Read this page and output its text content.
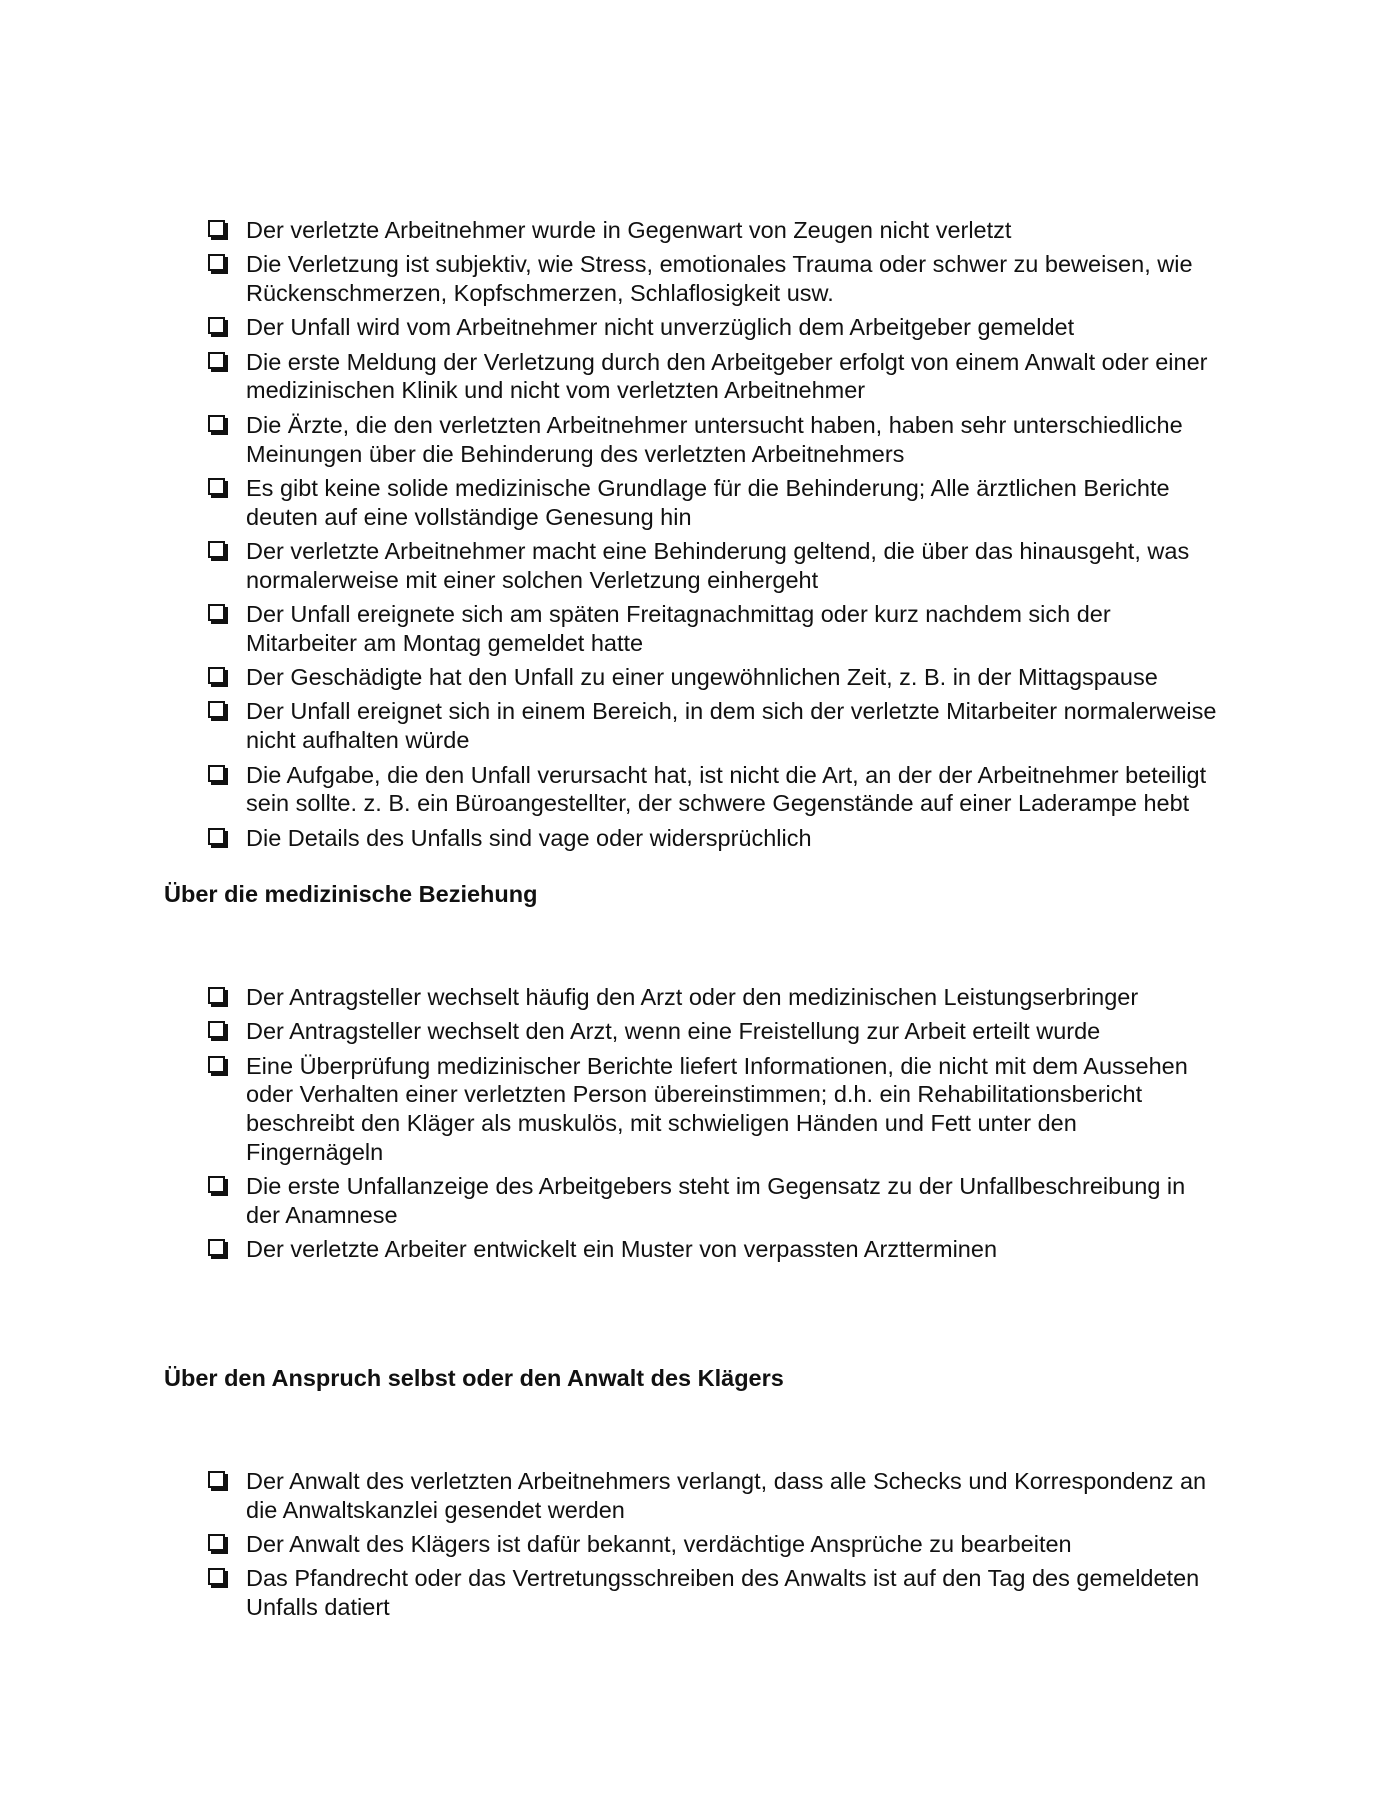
Der verletzte Arbeitnehmer wurde in Gegenwart von Zeugen nicht verletzt
Die Verletzung ist subjektiv, wie Stress, emotionales Trauma oder schwer zu beweisen, wie Rückenschmerzen, Kopfschmerzen, Schlaflosigkeit usw.
Der Unfall wird vom Arbeitnehmer nicht unverzüglich dem Arbeitgeber gemeldet
Die erste Meldung der Verletzung durch den Arbeitgeber erfolgt von einem Anwalt oder einer medizinischen Klinik und nicht vom verletzten Arbeitnehmer
Die Ärzte, die den verletzten Arbeitnehmer untersucht haben, haben sehr unterschiedliche Meinungen über die Behinderung des verletzten Arbeitnehmers
Es gibt keine solide medizinische Grundlage für die Behinderung; Alle ärztlichen Berichte deuten auf eine vollständige Genesung hin
Der verletzte Arbeitnehmer macht eine Behinderung geltend, die über das hinausgeht, was normalerweise mit einer solchen Verletzung einhergeht
Der Unfall ereignete sich am späten Freitagnachmittag oder kurz nachdem sich der Mitarbeiter am Montag gemeldet hatte
Der Geschädigte hat den Unfall zu einer ungewöhnlichen Zeit, z. B. in der Mittagspause
Der Unfall ereignet sich in einem Bereich, in dem sich der verletzte Mitarbeiter normalerweise nicht aufhalten würde
Die Aufgabe, die den Unfall verursacht hat, ist nicht die Art, an der der Arbeitnehmer beteiligt sein sollte. z. B. ein Büroangestellter, der schwere Gegenstände auf einer Laderampe hebt
Die Details des Unfalls sind vage oder widersprüchlich
Über die medizinische Beziehung
Der Antragsteller wechselt häufig den Arzt oder den medizinischen Leistungserbringer
Der Antragsteller wechselt den Arzt, wenn eine Freistellung zur Arbeit erteilt wurde
Eine Überprüfung medizinischer Berichte liefert Informationen, die nicht mit dem Aussehen oder Verhalten einer verletzten Person übereinstimmen; d.h. ein Rehabilitationsbericht beschreibt den Kläger als muskulös, mit schwieligen Händen und Fett unter den Fingernägeln
Die erste Unfallanzeige des Arbeitgebers steht im Gegensatz zu der Unfallbeschreibung in der Anamnese
Der verletzte Arbeiter entwickelt ein Muster von verpassten Arztterminen
Über den Anspruch selbst oder den Anwalt des Klägers
Der Anwalt des verletzten Arbeitnehmers verlangt, dass alle Schecks und Korrespondenz an die Anwaltskanzlei gesendet werden
Der Anwalt des Klägers ist dafür bekannt, verdächtige Ansprüche zu bearbeiten
Das Pfandrecht oder das Vertretungsschreiben des Anwalts ist auf den Tag des gemeldeten Unfalls datiert
